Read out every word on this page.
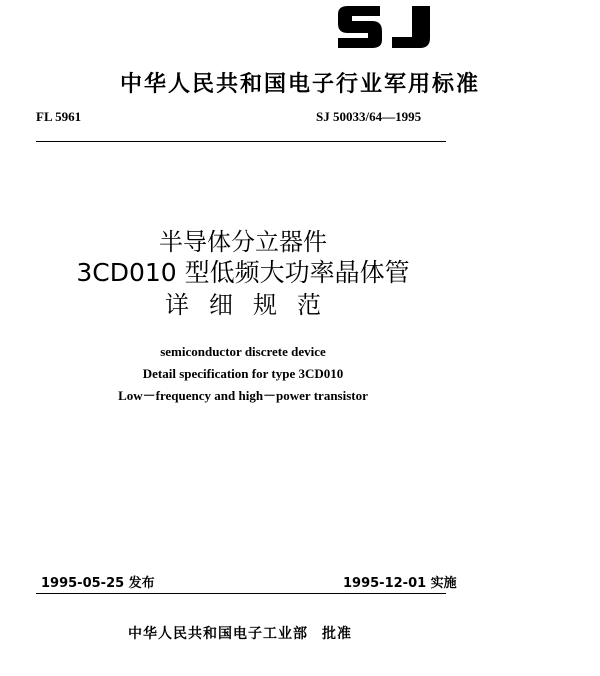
中华人民共和国电子行业军用标准
FL 5961	SJ 50033/64—1995
半导体分立器件
3CD010 型低频大功率晶体管
详细规范
semiconductor discrete device
Detail specification for type 3CD010
Low－frequency and high－power transistor
1995-05-25 发布	1995-12-01 实施
中华人民共和国电子工业部 批准
